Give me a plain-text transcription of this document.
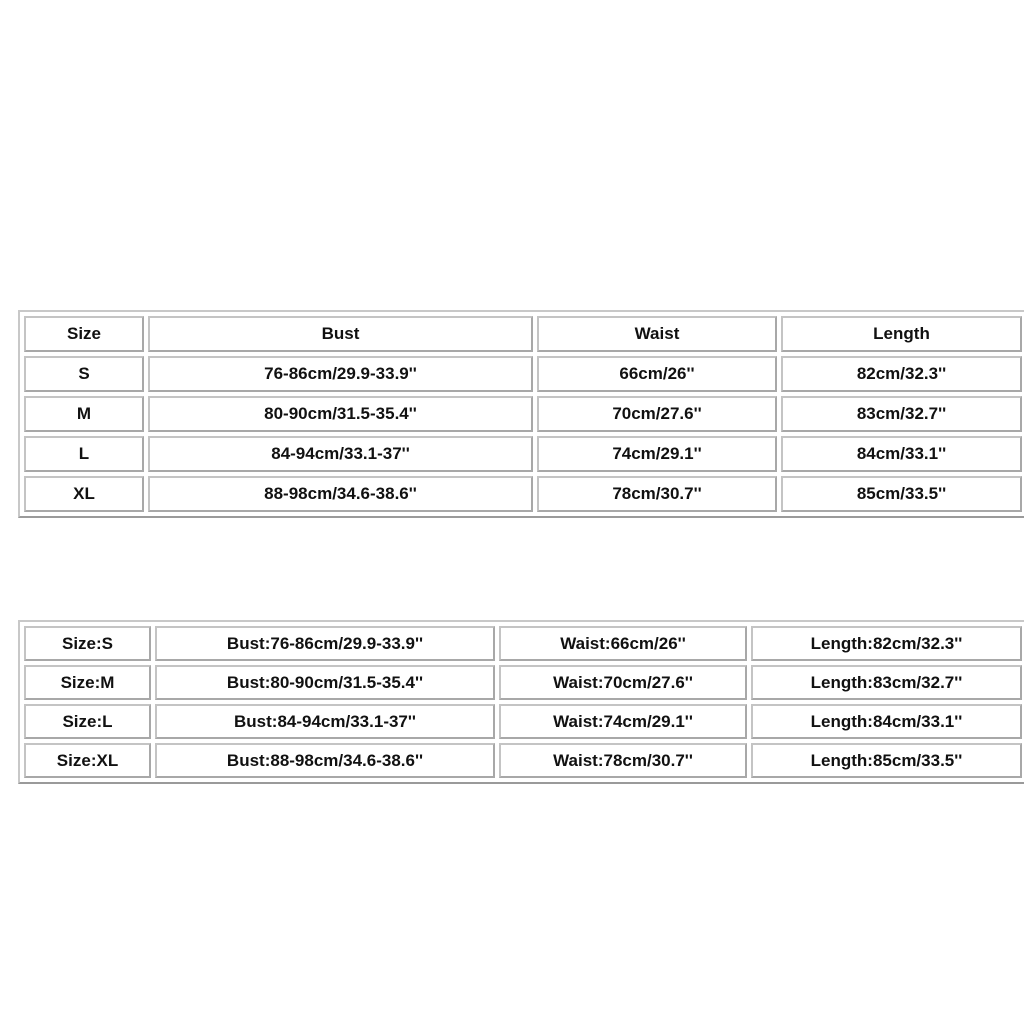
Size	Bust	Waist	Length
S	76-86cm/29.9-33.9''	66cm/26''	82cm/32.3''
M	80-90cm/31.5-35.4''	70cm/27.6''	83cm/32.7''
L	84-94cm/33.1-37''	74cm/29.1''	84cm/33.1''
XL	88-98cm/34.6-38.6''	78cm/30.7''	85cm/33.5''
Size:S	Bust:76-86cm/29.9-33.9''	Waist:66cm/26''	Length:82cm/32.3''
Size:M	Bust:80-90cm/31.5-35.4''	Waist:70cm/27.6''	Length:83cm/32.7''
Size:L	Bust:84-94cm/33.1-37''	Waist:74cm/29.1''	Length:84cm/33.1''
Size:XL	Bust:88-98cm/34.6-38.6''	Waist:78cm/30.7''	Length:85cm/33.5''
